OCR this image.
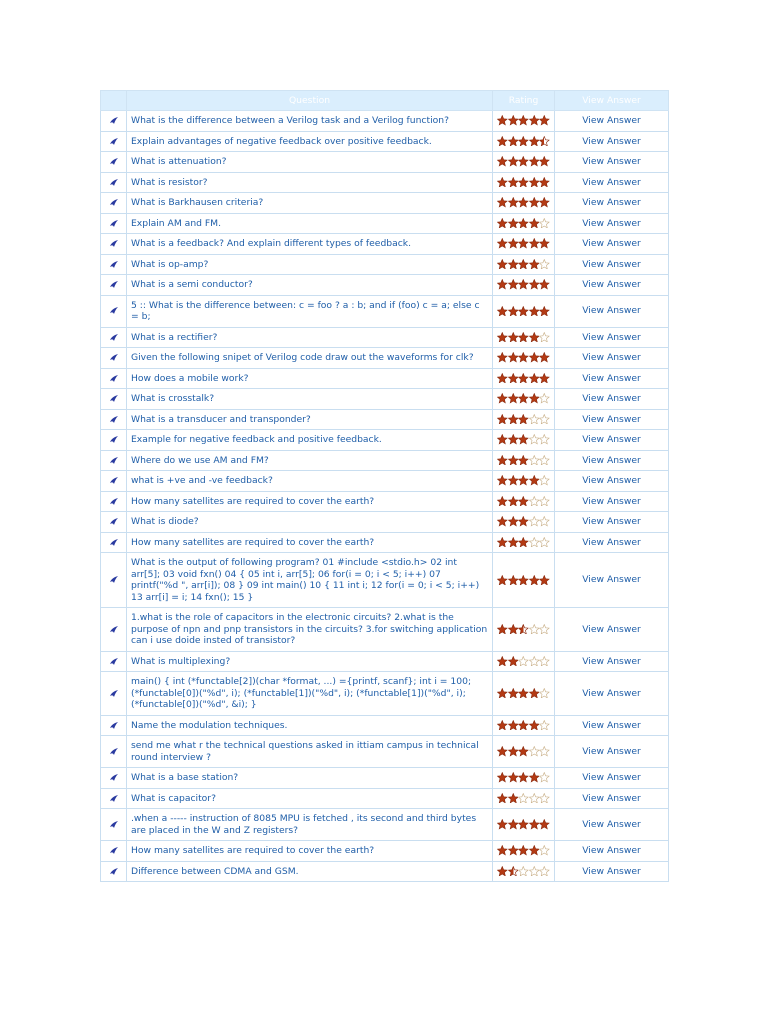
	Question	Rating	View Answer
	What is the difference between a Verilog task and a Verilog function?		View Answer
	Explain advantages of negative feedback over positive feedback.		View Answer
	What is attenuation?		View Answer
	What is resistor?		View Answer
	What is Barkhausen criteria?		View Answer
	Explain AM and FM.		View Answer
	What is a feedback? And explain different types of feedback.		View Answer
	What is op-amp?		View Answer
	What is a semi conductor?		View Answer
	5 :: What is the difference between: c = foo ? a : b; and if (foo) c = a; else c = b;		View Answer
	What is a rectifier?		View Answer
	Given the following snipet of Verilog code draw out the waveforms for clk?		View Answer
	How does a mobile work?		View Answer
	What is crosstalk?		View Answer
	What is a transducer and transponder?		View Answer
	Example for negative feedback and positive feedback.		View Answer
	Where do we use AM and FM?		View Answer
	what is +ve and -ve feedback?		View Answer
	How many satellites are required to cover the earth?		View Answer
	What is diode?		View Answer
	How many satellites are required to cover the earth?		View Answer
	What is the output of following program? 01 #include <stdio.h> 02 int arr[5]; 03 void fxn() 04 { 05 int i, arr[5]; 06 for(i = 0; i < 5; i++) 07 printf("%d ", arr[i]); 08 } 09 int main() 10 { 11 int i; 12 for(i = 0; i < 5; i++) 13 arr[i] = i; 14 fxn(); 15 }		View Answer
	1.what is the role of capacitors in the electronic circuits? 2.what is the purpose of npn and pnp transistors in the circuits? 3.for switching application can i use doide insted of transistor?		View Answer
	What is multiplexing?		View Answer
	main() { int (*functable[2])(char *format, ...) ={printf, scanf}; int i = 100; (*functable[0])("%d", i); (*functable[1])("%d", i); (*functable[1])("%d", i); (*functable[0])("%d", &i); }		View Answer
	Name the modulation techniques.		View Answer
	send me what r the technical questions asked in ittiam campus in technical round interview ?		View Answer
	What is a base station?		View Answer
	What is capacitor?		View Answer
	.when a ----- instruction of 8085 MPU is fetched , its second and third bytes are placed in the W and Z registers?		View Answer
	How many satellites are required to cover the earth?		View Answer
	Difference between CDMA and GSM.		View Answer
